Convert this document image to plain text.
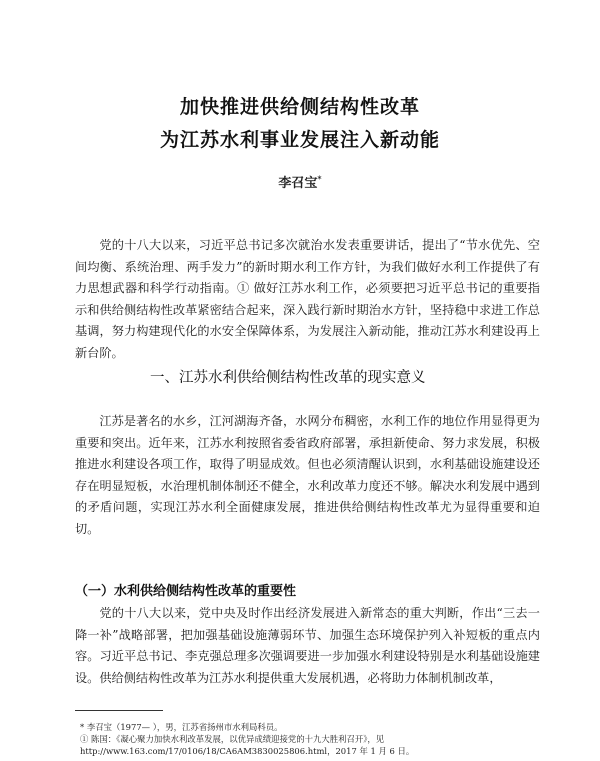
加快推进供给侧结构性改革
为江苏水利事业发展注入新动能
李召宝*

党的十八大以来，习近平总书记多次就治水发表重要讲话，提出了“节水优先、空间均衡、系统治理、两手发力”的新时期水利工作方针，为我们做好水利工作提供了有力思想武器和科学行动指南。① 做好江苏水利工作，必须要把习近平总书记的重要指示和供给侧结构性改革紧密结合起来，深入践行新时期治水方针，坚持稳中求进工作总基调，努力构建现代化的水安全保障体系，为发展注入新动能，推动江苏水利建设再上新台阶。

一、江苏水利供给侧结构性改革的现实意义

江苏是著名的水乡，江河湖海齐备，水网分布稠密，水利工作的地位作用显得更为重要和突出。近年来，江苏水利按照省委省政府部署，承担新使命、努力求发展，积极推进水利建设各项工作，取得了明显成效。但也必须清醒认识到，水利基础设施建设还存在明显短板，水治理机制体制还不健全，水利改革力度还不够。解决水利发展中遇到的矛盾问题，实现江苏水利全面健康发展，推进供给侧结构性改革尤为显得重要和迫切。

（一）水利供给侧结构性改革的重要性

党的十八大以来，党中央及时作出经济发展进入新常态的重大判断，作出“三去一降一补”战略部署，把加强基础设施薄弱环节、加强生态环境保护列入补短板的重点内容。习近平总书记、李克强总理多次强调要进一步加强水利建设特别是水利基础设施建设。供给侧结构性改革为江苏水利提供重大发展机遇，必将助力体制机制改革，

* 李召宝（1977— ），男，江苏省扬州市水利局科员。
① 陈国：《凝心聚力加快水利改革发展，以优异成绩迎接党的十九大胜利召开》，见 http://www.163.com/17/0106/18/CA6AM3830025806.html，2017 年 1 月 6 日。
